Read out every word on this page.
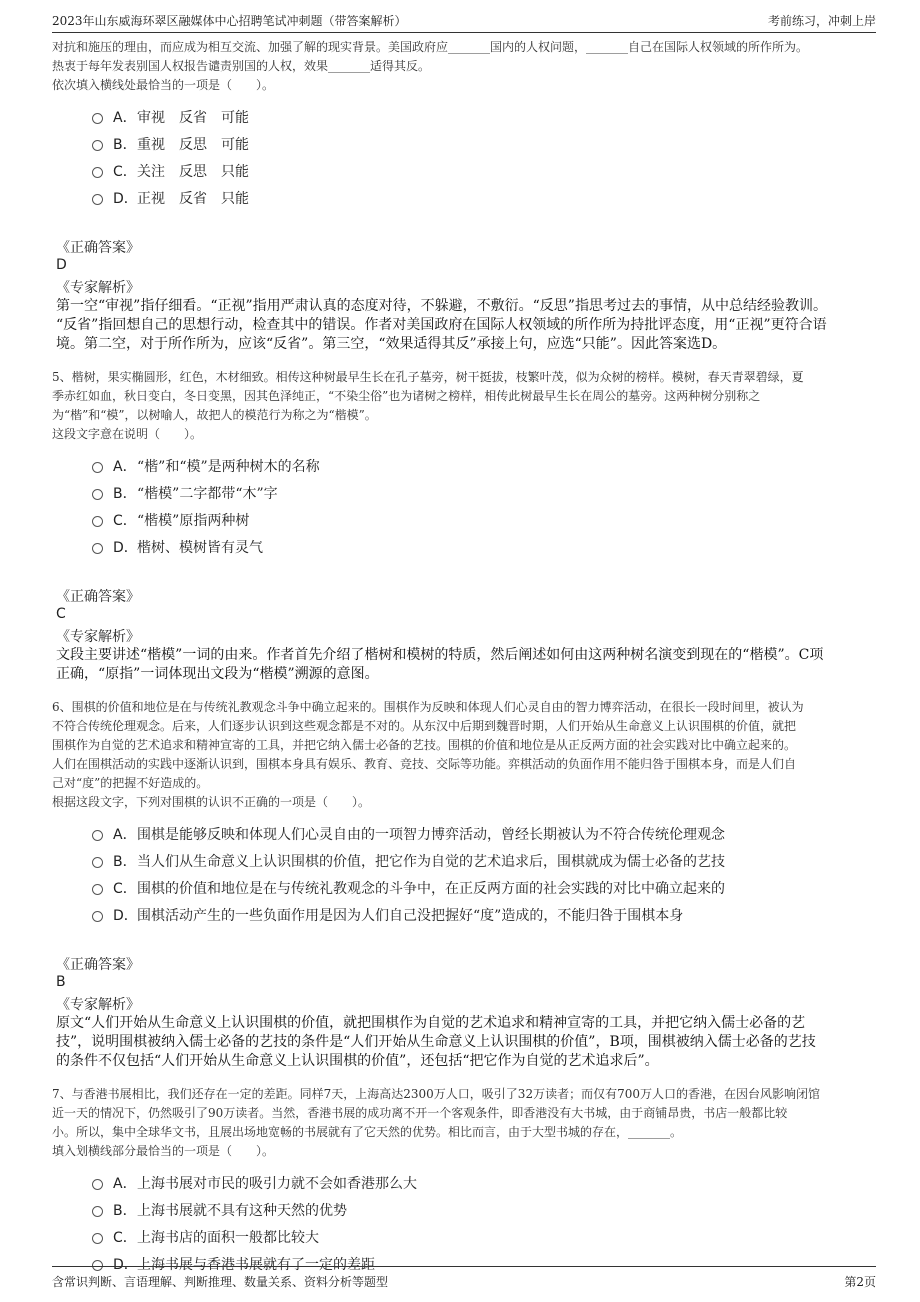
2023年山东威海环翠区融媒体中心招聘笔试冲刺题（带答案解析）	考前练习，冲刺上岸

对抗和施压的理由，而应成为相互交流、加强了解的现实背景。美国政府应_______国内的人权问题，_______自己在国际人权领域的所作所为。

热衷于每年发表别国人权报告谴责别国的人权，效果_______适得其反。

依次填入横线处最恰当的一项是（　　）。

A． 审视　反省　可能
B． 重视　反思　可能
C． 关注　反思　只能
D． 正视　反省　只能
《正确答案》
D
《专家解析》

第一空“审视”指仔细看。“正视”指用严肃认真的态度对待，不躲避，不敷衍。“反思”指思考过去的事情，从中总结经验教训。

“反省”指回想自己的思想行动，检查其中的错误。作者对美国政府在国际人权领域的所作所为持批评态度，用“正视”更符合语

境。第二空，对于所作所为，应该“反省”。第三空，“效果适得其反”承接上句，应选“只能”。因此答案选D。

5、楷树，果实椭圆形，红色，木材细致。相传这种树最早生长在孔子墓旁，树干挺拔，枝繁叶茂，似为众树的榜样。模树，春天青翠碧绿，夏

季赤红如血，秋日变白，冬日变黑，因其色泽纯正，“不染尘俗”也为诸树之榜样，相传此树最早生长在周公的墓旁。这两种树分别称之

为“楷”和“模”，以树喻人，故把人的模范行为称之为“楷模”。

这段文字意在说明（　　）。

A． “楷”和“模”是两种树木的名称
B． “楷模”二字都带“木”字
C． “楷模”原指两种树
D． 楷树、模树皆有灵气
《正确答案》
C
《专家解析》

文段主要讲述“楷模”一词的由来。作者首先介绍了楷树和模树的特质，然后阐述如何由这两种树名演变到现在的“楷模”。C项

正确，“原指”一词体现出文段为“楷模”溯源的意图。

6、围棋的价值和地位是在与传统礼教观念斗争中确立起来的。围棋作为反映和体现人们心灵自由的智力博弈活动，在很长一段时间里，被认为

不符合传统伦理观念。后来，人们逐步认识到这些观念都是不对的。从东汉中后期到魏晋时期，人们开始从生命意义上认识围棋的价值，就把

围棋作为自觉的艺术追求和精神宣寄的工具，并把它纳入儒士必备的艺技。围棋的价值和地位是从正反两方面的社会实践对比中确立起来的。

人们在围棋活动的实践中逐渐认识到，围棋本身具有娱乐、教育、竞技、交际等功能。弈棋活动的负面作用不能归咎于围棋本身，而是人们自

己对“度”的把握不好造成的。

根据这段文字，下列对围棋的认识不正确的一项是（　　）。

A． 围棋是能够反映和体现人们心灵自由的一项智力博弈活动，曾经长期被认为不符合传统伦理观念
B． 当人们从生命意义上认识围棋的价值，把它作为自觉的艺术追求后，围棋就成为儒士必备的艺技
C． 围棋的价值和地位是在与传统礼教观念的斗争中，在正反两方面的社会实践的对比中确立起来的
D． 围棋活动产生的一些负面作用是因为人们自己没把握好“度”造成的，不能归咎于围棋本身
《正确答案》
B
《专家解析》

原文“人们开始从生命意义上认识围棋的价值，就把围棋作为自觉的艺术追求和精神宣寄的工具，并把它纳入儒士必备的艺

技”，说明围棋被纳入儒士必备的艺技的条件是“人们开始从生命意义上认识围棋的价值”，B项，围棋被纳入儒士必备的艺技

的条件不仅包括“人们开始从生命意义上认识围棋的价值”，还包括“把它作为自觉的艺术追求后”。

7、与香港书展相比，我们还存在一定的差距。同样7天，上海高达2300万人口，吸引了32万读者；而仅有700万人口的香港，在因台风影响闭馆

近一天的情况下，仍然吸引了90万读者。当然，香港书展的成功离不开一个客观条件，即香港没有大书城，由于商铺昂贵，书店一般都比较

小。所以，集中全球华文书，且展出场地宽畅的书展就有了它天然的优势。相比而言，由于大型书城的存在，_______。

填入划横线部分最恰当的一项是（　　）。

A． 上海书展对市民的吸引力就不会如香港那么大
B． 上海书展就不具有这种天然的优势
C． 上海书店的面积一般都比较大
D． 上海书展与香港书展就有了一定的差距
含常识判断、言语理解、判断推理、数量关系、资料分析等题型	第2页
